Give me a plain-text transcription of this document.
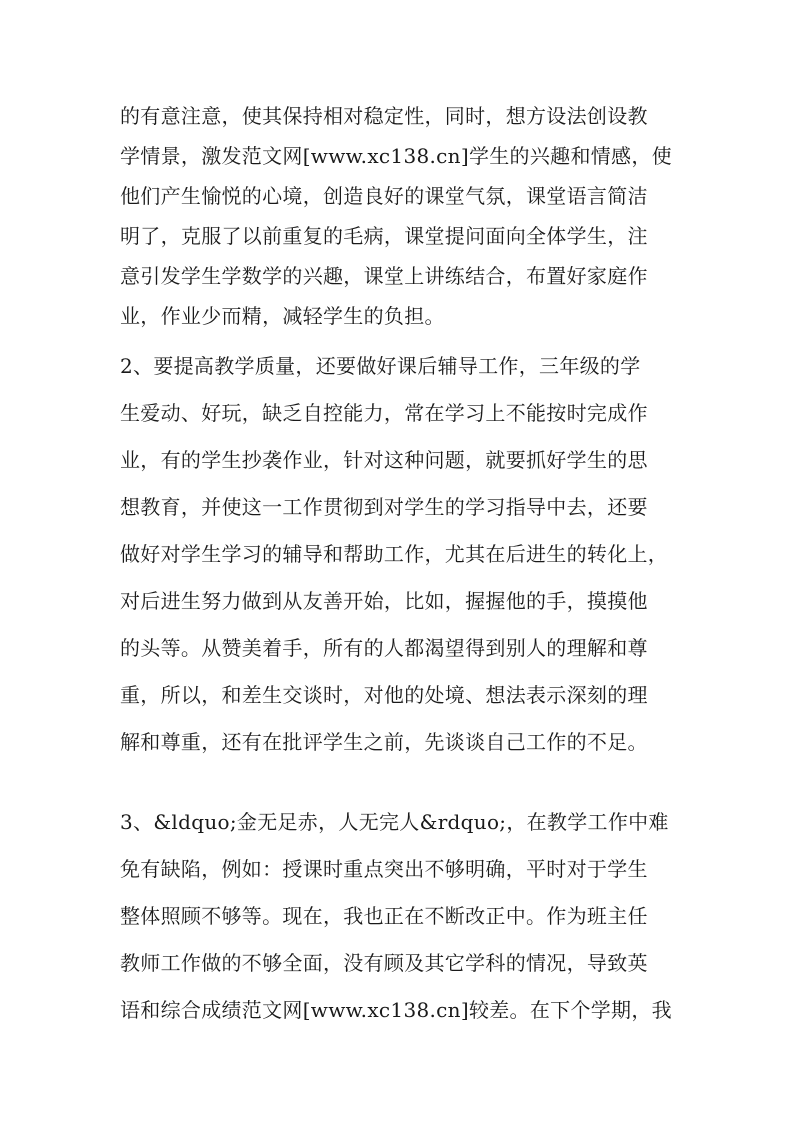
的有意注意，使其保持相对稳定性，同时，想方设法创设教
学情景，激发范文网[www.xc138.cn]学生的兴趣和情感，使
他们产生愉悦的心境，创造良好的课堂气氛，课堂语言简洁
明了，克服了以前重复的毛病，课堂提问面向全体学生，注
意引发学生学数学的兴趣，课堂上讲练结合，布置好家庭作
业，作业少而精，减轻学生的负担。
2、要提高教学质量，还要做好课后辅导工作，三年级的学
生爱动、好玩，缺乏自控能力，常在学习上不能按时完成作
业，有的学生抄袭作业，针对这种问题，就要抓好学生的思
想教育，并使这一工作贯彻到对学生的学习指导中去，还要
做好对学生学习的辅导和帮助工作，尤其在后进生的转化上，
对后进生努力做到从友善开始，比如，握握他的手，摸摸他
的头等。从赞美着手，所有的人都渴望得到别人的理解和尊
重，所以，和差生交谈时，对他的处境、想法表示深刻的理
解和尊重，还有在批评学生之前，先谈谈自己工作的不足。
3、&ldquo;金无足赤，人无完人&rdquo;，在教学工作中难
免有缺陷，例如：授课时重点突出不够明确，平时对于学生
整体照顾不够等。现在，我也正在不断改正中。作为班主任
教师工作做的不够全面，没有顾及其它学科的情况，导致英
语和综合成绩范文网[www.xc138.cn]较差。在下个学期，我
